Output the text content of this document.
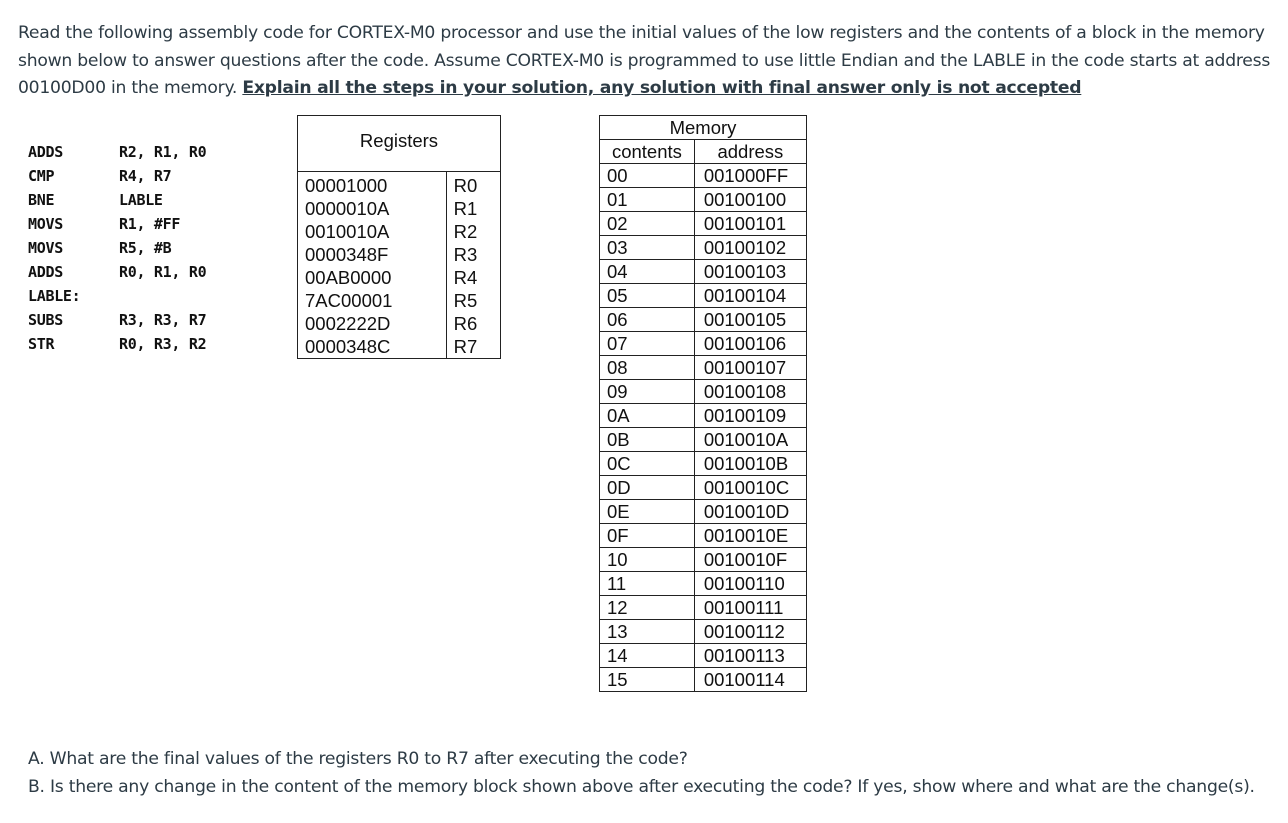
Read the following assembly code for CORTEX-M0 processor and use the initial values of the low registers and the contents of a block in the memory shown below to answer questions after the code. Assume CORTEX-M0 is programmed to use little Endian and the LABLE in the code starts at address 00100D00 in the memory. Explain all the steps in your solution, any solution with final answer only is not accepted
ADDS	R2, R1, R0
CMP	R4, R7
BNE	LABLE
MOVS	R1, #FF
MOVS	R5, #B
ADDS	R0, R1, R0
LABLE:
SUBS	R3, R3, R7
STR	R0, R3, R2
Registers	
00001000	R0
0000010A	R1
0010010A	R2
0000348F	R3
00AB0000	R4
7AC00001	R5
0002222D	R6
0000348C	R7
Memory	
contents	address
00	001000FF
01	00100100
02	00100101
03	00100102
04	00100103
05	00100104
06	00100105
07	00100106
08	00100107
09	00100108
0A	00100109
0B	0010010A
0C	0010010B
0D	0010010C
0E	0010010D
0F	0010010E
10	0010010F
11	00100110
12	00100111
13	00100112
14	00100113
15	00100114
A. What are the final values of the registers R0 to R7 after executing the code?
B. Is there any change in the content of the memory block shown above after executing the code? If yes, show where and what are the change(s).
